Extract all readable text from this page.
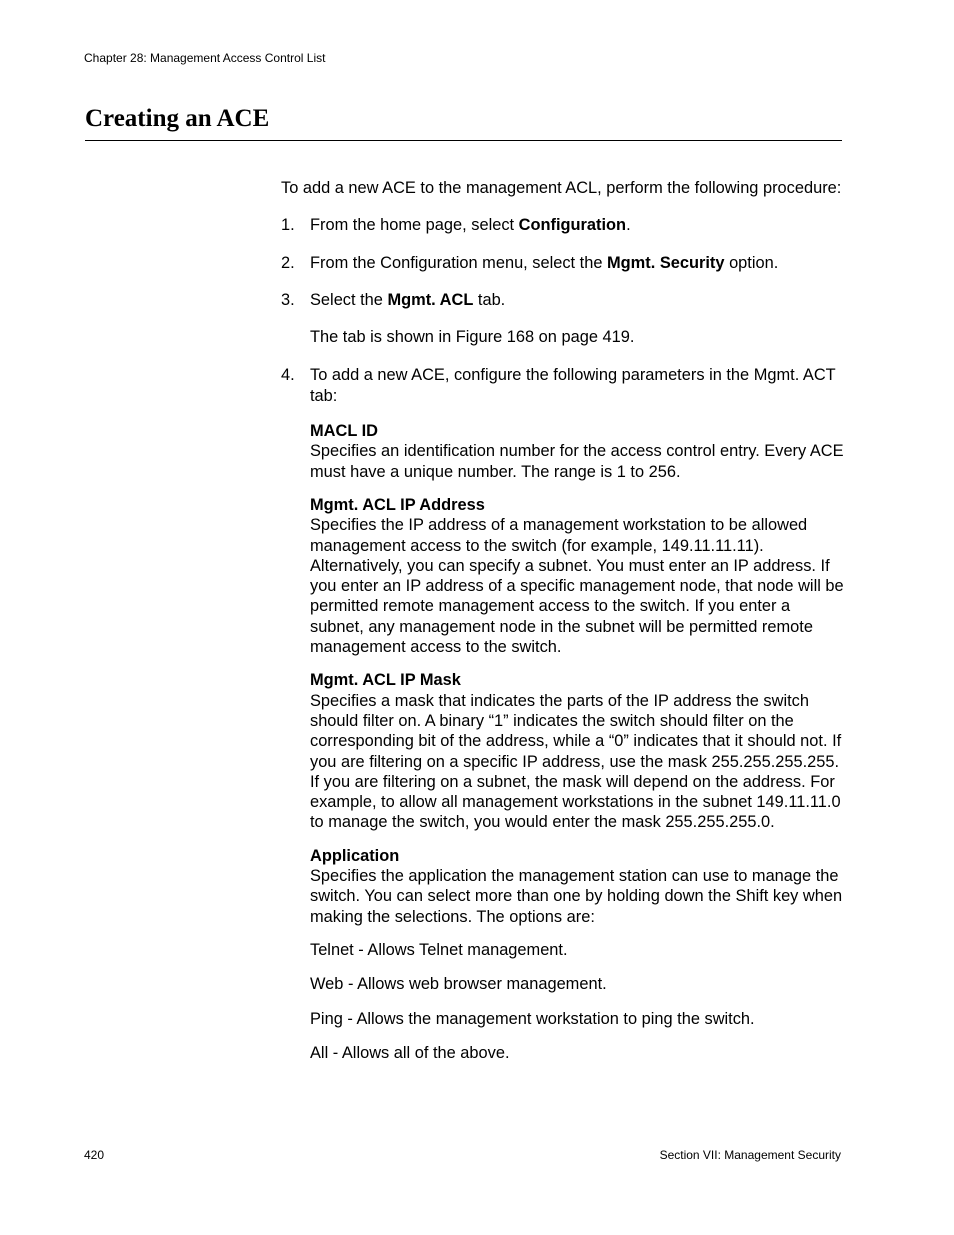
Chapter 28: Management Access Control List
Creating an ACE

To add a new ACE to the management ACL, perform the following procedure:

1. From the home page, select Configuration.

2. From the Configuration menu, select the Mgmt. Security option.

3. Select the Mgmt. ACL tab.

The tab is shown in Figure 168 on page 419.

4. To add a new ACE, configure the following parameters in the Mgmt. ACT tab:

MACL ID
Specifies an identification number for the access control entry. Every ACE must have a unique number. The range is 1 to 256.
Mgmt. ACL IP Address
Specifies the IP address of a management workstation to be allowed management access to the switch (for example, 149.11.11.11). Alternatively, you can specify a subnet. You must enter an IP address. If you enter an IP address of a specific management node, that node will be permitted remote management access to the switch. If you enter a subnet, any management node in the subnet will be permitted remote management access to the switch.
Mgmt. ACL IP Mask
Specifies a mask that indicates the parts of the IP address the switch should filter on. A binary “1” indicates the switch should filter on the corresponding bit of the address, while a “0” indicates that it should not. If you are filtering on a specific IP address, use the mask 255.255.255.255. If you are filtering on a subnet, the mask will depend on the address. For example, to allow all management workstations in the subnet 149.11.11.0 to manage the switch, you would enter the mask 255.255.255.0.
Application
Specifies the application the management station can use to manage the switch. You can select more than one by holding down the Shift key when making the selections. The options are:

Telnet - Allows Telnet management.

Web - Allows web browser management.

Ping - Allows the management workstation to ping the switch.

All - Allows all of the above.

420	Section VII: Management Security
